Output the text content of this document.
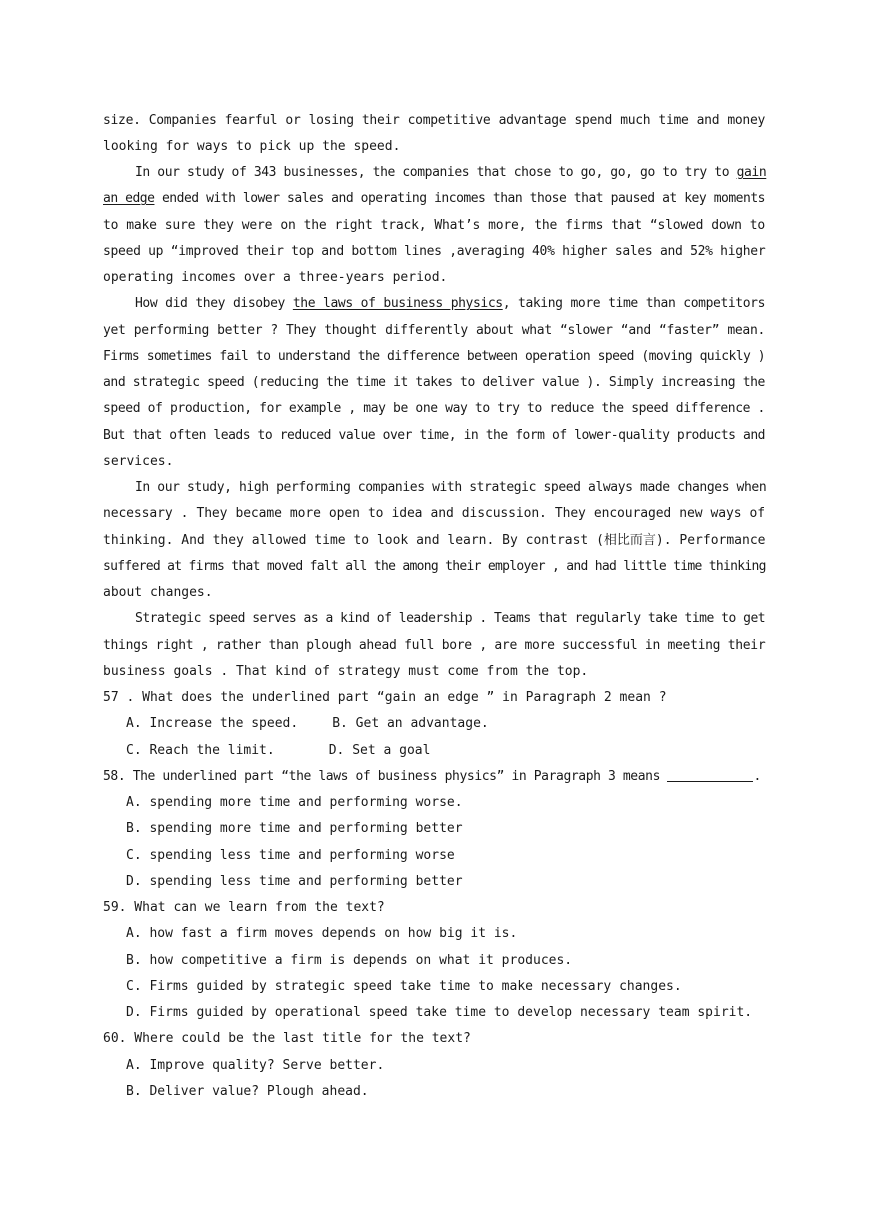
size. Companies fearful or losing their competitive advantage spend much time and money
looking for ways to pick up the speed.
In our study of 343 businesses, the companies that chose to go, go, go to try to gain
an edge ended with lower sales and operating incomes than those that paused at key moments
to make sure they were on the right track, What’s more, the firms that “slowed down to
speed up “improved their top and bottom lines ,averaging 40% higher sales and 52% higher
operating incomes over a three-years period.
How did they disobey the laws of business physics, taking more time than competitors
yet performing better ? They thought differently about what “slower “and “faster” mean.
Firms sometimes fail to understand the difference between operation speed (moving quickly )
and strategic speed (reducing the time it takes to deliver value ). Simply increasing the
speed of production, for example , may be one way to try to reduce the speed difference .
But that often leads to reduced value over time, in the form of lower-quality products and
services.
In our study, high performing companies with strategic speed always made changes when
necessary . They became more open to idea and discussion. They encouraged new ways of
thinking. And they allowed time to look and learn. By contrast (相比而言). Performance
suffered at firms that moved falt all the among their employer , and had little time thinking
about changes.
Strategic speed serves as a kind of leadership . Teams that regularly take time to get
things right , rather than plough ahead full bore , are more successful in meeting their
business goals . That kind of strategy must come from the top.
57 . What does the underlined part “gain an edge ” in Paragraph 2 mean ?
A. Increase the speed.	B. Get an advantage.
C. Reach the limit.	D. Set a goal
58. The underlined part “the laws of business physics” in Paragraph 3 means	.
A. spending more time and performing worse.
B. spending more time and performing better
C. spending less time and performing worse
D. spending less time and performing better
59. What can we learn from the text?
A. how fast a firm moves depends on how big it is.
B. how competitive a firm is depends on what it produces.
C. Firms guided by strategic speed take time to make necessary changes.
D. Firms guided by operational speed take time to develop necessary team spirit.
60. Where could be the last title for the text?
A. Improve quality? Serve better.
B. Deliver value? Plough ahead.
